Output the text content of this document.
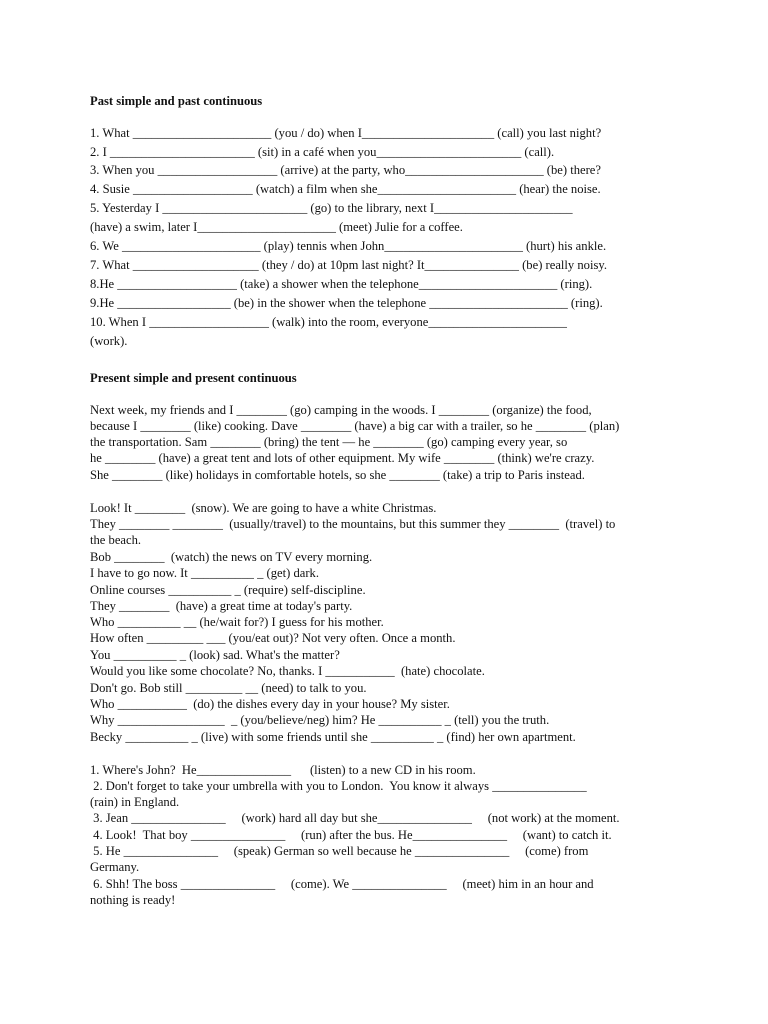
Past simple and past continuous
1. What ______________________ (you / do) when I_____________________ (call) you last night?
2. I _______________________ (sit) in a café when you_______________________ (call).
3. When you ___________________ (arrive) at the party, who______________________ (be) there?
4. Susie ___________________ (watch) a film when she______________________ (hear) the noise.
5. Yesterday I _______________________ (go) to the library, next I______________________
(have) a swim, later I______________________ (meet) Julie for a coffee.
6. We ______________________ (play) tennis when John______________________ (hurt) his ankle.
7. What ____________________ (they / do) at 10pm last night? It_______________ (be) really noisy.
8.He ___________________ (take) a shower when the telephone______________________ (ring).
9.He __________________ (be) in the shower when the telephone ______________________ (ring).
10. When I ___________________ (walk) into the room, everyone______________________
(work).
Present simple and present continuous
Next week, my friends and I ________ (go) camping in the woods. I ________ (organize) the food,
because I ________ (like) cooking. Dave ________ (have) a big car with a trailer, so he ________ (plan)
the transportation. Sam ________ (bring) the tent — he ________ (go) camping every year, so
he ________ (have) a great tent and lots of other equipment. My wife ________ (think) we're crazy.
She ________ (like) holidays in comfortable hotels, so she ________ (take) a trip to Paris instead.
Look! It ________  (snow). We are going to have a white Christmas.
They ________ ________  (usually/travel) to the mountains, but this summer they ________  (travel) to
the beach.
Bob ________  (watch) the news on TV every morning.
I have to go now. It __________ _ (get) dark.
Online courses __________ _ (require) self-discipline.
They ________  (have) a great time at today's party.
Who __________ __ (he/wait for?) I guess for his mother.
How often _________ ___ (you/eat out)? Not very often. Once a month.
You __________ _ (look) sad. What's the matter?
Would you like some chocolate? No, thanks. I ___________  (hate) chocolate.
Don't go. Bob still _________ __ (need) to talk to you.
Who ___________  (do) the dishes every day in your house? My sister.
Why _________________  _ (you/believe/neg) him? He __________ _ (tell) you the truth.
Becky __________ _ (live) with some friends until she __________ _ (find) her own apartment.
1. Where's John?  He_______________      (listen) to a new CD in his room.
2. Don't forget to take your umbrella with you to London.  You know it always _______________
(rain) in England.
3. Jean _______________     (work) hard all day but she_______________     (not work) at the moment.
4. Look!  That boy _______________     (run) after the bus. He_______________     (want) to catch it.
5. He _______________     (speak) German so well because he _______________     (come) from
Germany.
6. Shh! The boss _______________     (come). We _______________     (meet) him in an hour and
nothing is ready!
